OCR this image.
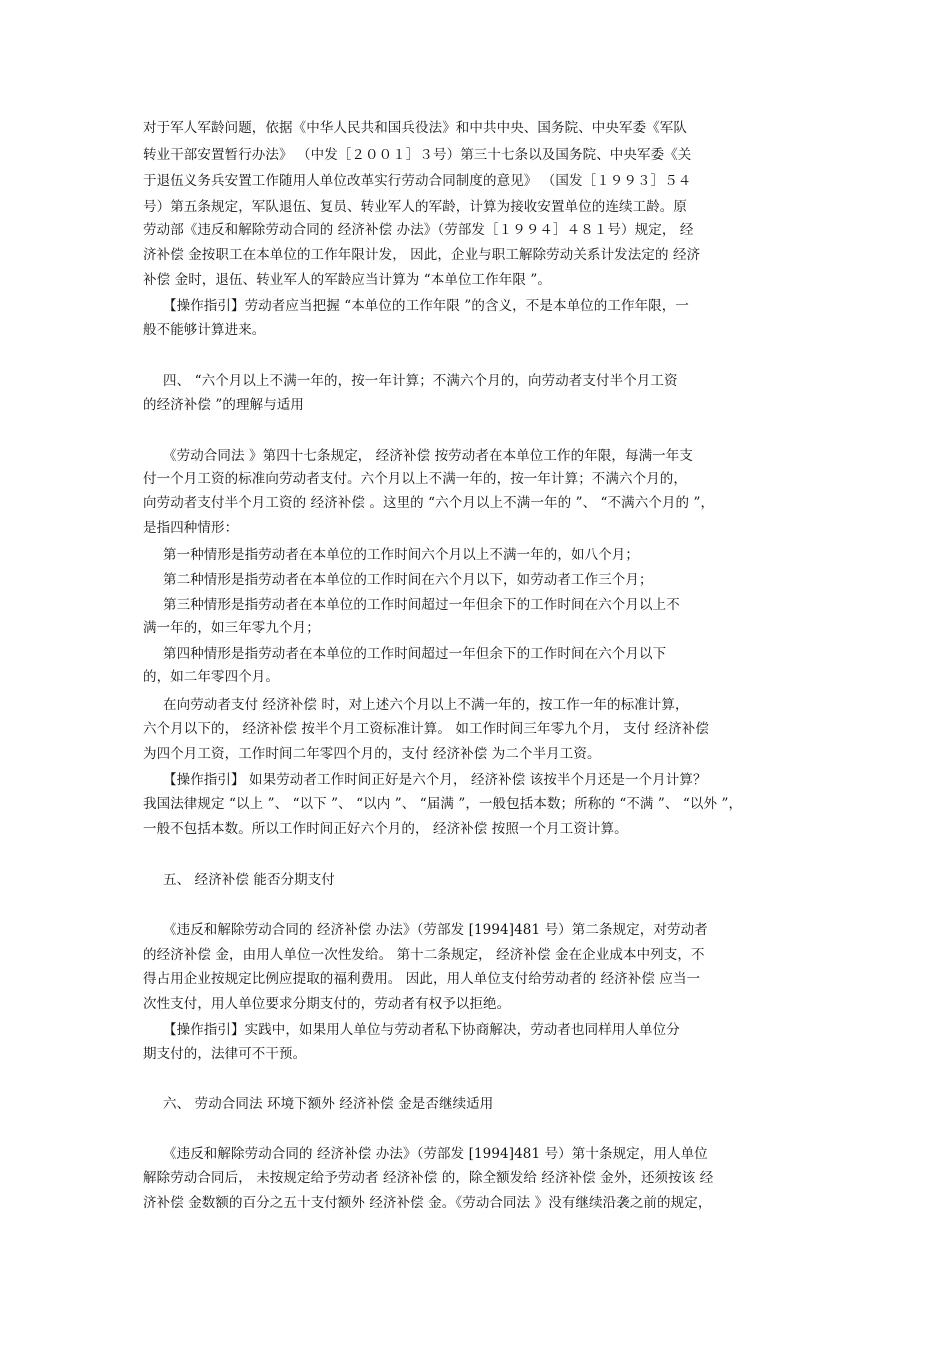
对于军人军龄问题，依据《中华人民共和国兵役法》和中共中央、国务院、中央军委《军队
转业干部安置暂行办法》 （中发［２００１］３号）第三十七条以及国务院、中央军委《关
于退伍义务兵安置工作随用人单位改革实行劳动合同制度的意见》 （国发［１９９３］５４
号）第五条规定，军队退伍、复员、转业军人的军龄，计算为接收安置单位的连续工龄。原
劳动部《违反和解除劳动合同的 经济补偿 办法》（劳部发［１９９４］４８１号）规定， 经
济补偿 金按职工在本单位的工作年限计发， 因此，企业与职工解除劳动关系计发法定的 经济
补偿 金时，退伍、转业军人的军龄应当计算为 “本单位工作年限 ”。
【操作指引】劳动者应当把握 “本单位的工作年限 ”的含义，不是本单位的工作年限，一
般不能够计算进来。
四、 “六个月以上不满一年的，按一年计算；不满六个月的，向劳动者支付半个月工资
的经济补偿 ”的理解与适用
《劳动合同法 》第四十七条规定， 经济补偿 按劳动者在本单位工作的年限，每满一年支
付一个月工资的标准向劳动者支付。六个月以上不满一年的，按一年计算；不满六个月的，
向劳动者支付半个月工资的 经济补偿 。这里的 “六个月以上不满一年的 ”、 “不满六个月的 ”，
是指四种情形：
第一种情形是指劳动者在本单位的工作时间六个月以上不满一年的，如八个月；
第二种情形是指劳动者在本单位的工作时间在六个月以下，如劳动者工作三个月；
第三种情形是指劳动者在本单位的工作时间超过一年但余下的工作时间在六个月以上不
满一年的，如三年零九个月；
第四种情形是指劳动者在本单位的工作时间超过一年但余下的工作时间在六个月以下
的，如二年零四个月。
在向劳动者支付 经济补偿 时，对上述六个月以上不满一年的，按工作一年的标准计算，
六个月以下的， 经济补偿 按半个月工资标准计算。 如工作时间三年零九个月， 支付 经济补偿
为四个月工资，工作时间二年零四个月的，支付 经济补偿 为二个半月工资。
【操作指引】 如果劳动者工作时间正好是六个月， 经济补偿 该按半个月还是一个月计算？
我国法律规定 “以上 ”、 “以下 ”、 “以内 ”、 “届满 ”，一般包括本数；所称的 “不满 ”、 “以外 ”，
一般不包括本数。所以工作时间正好六个月的， 经济补偿 按照一个月工资计算。
五、 经济补偿 能否分期支付
《违反和解除劳动合同的 经济补偿 办法》（劳部发 [1994]481 号）第二条规定，对劳动者
的经济补偿 金，由用人单位一次性发给。 第十二条规定， 经济补偿 金在企业成本中列支，不
得占用企业按规定比例应提取的福利费用。 因此，用人单位支付给劳动者的 经济补偿 应当一
次性支付，用人单位要求分期支付的，劳动者有权予以拒绝。
【操作指引】实践中，如果用人单位与劳动者私下协商解决，劳动者也同样用人单位分
期支付的，法律可不干预。
六、 劳动合同法 环境下额外 经济补偿 金是否继续适用
《违反和解除劳动合同的 经济补偿 办法》（劳部发 [1994]481 号）第十条规定，用人单位
解除劳动合同后， 未按规定给予劳动者 经济补偿 的，除全额发给 经济补偿 金外，还须按该 经
济补偿 金数额的百分之五十支付额外 经济补偿 金。《劳动合同法 》没有继续沿袭之前的规定，
